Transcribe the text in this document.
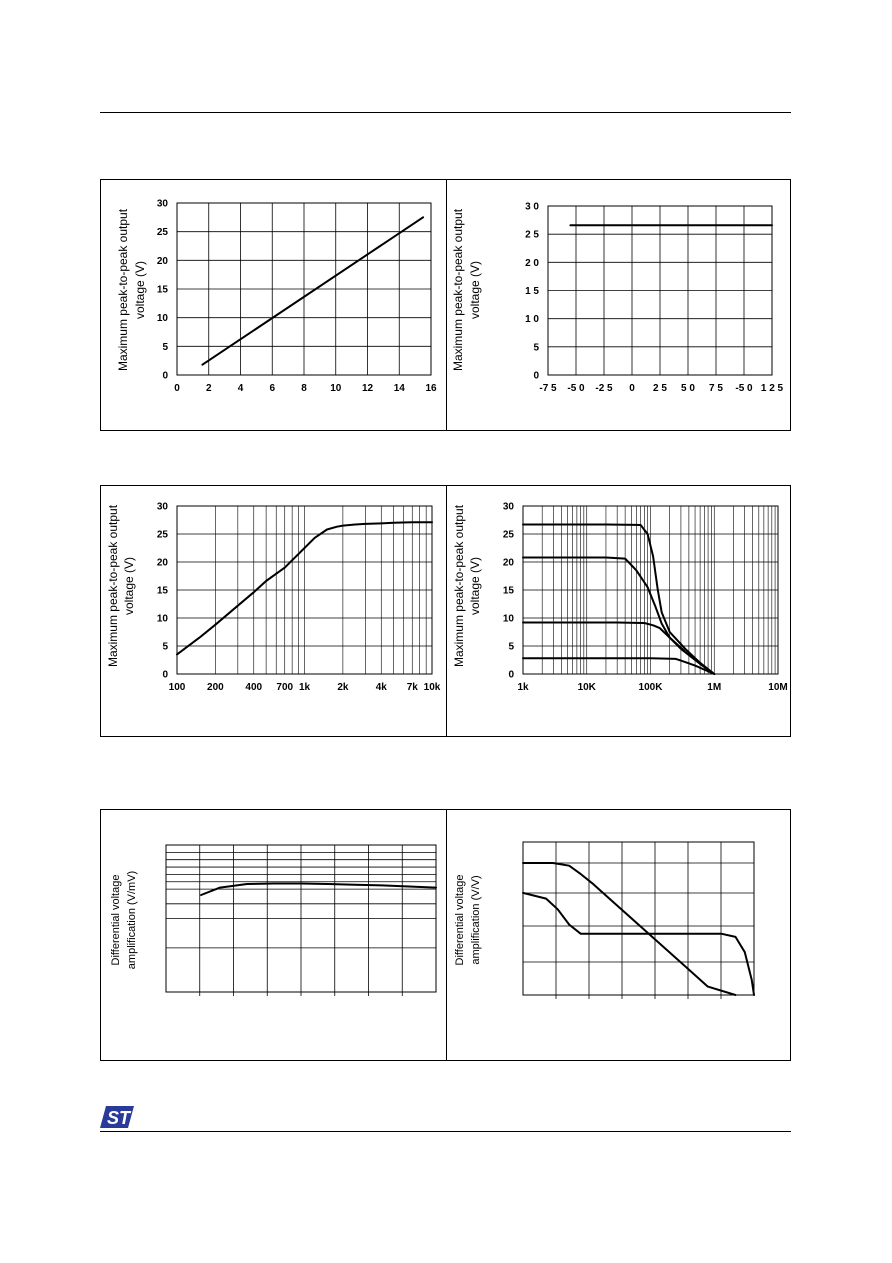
0
5
10
15
20
25
30
0	2	4	6	8 10 12 14 16
Maximum peak-to-peak output voltage (V)
0
5
1 0
1 5
2 0
2 5
3 0
-7 5 -5 0 -2 5 0 2 5 5 0 7 5 -5 0 1 2 5
Maximum peak-to-peak output voltage (V)
0
5
10
15
20
25
30
100 200 400 700 1k	2k	4k 7k 10k
Maximum peak-to-peak output voltage (V)
0
5
10
15
20
25
30
1k	10K	100K	1M	10M
Maximum peak-to-peak output voltage (V)
Differential voltage amplification (V/mV)	Differential voltage amplification (V/V)
ST
